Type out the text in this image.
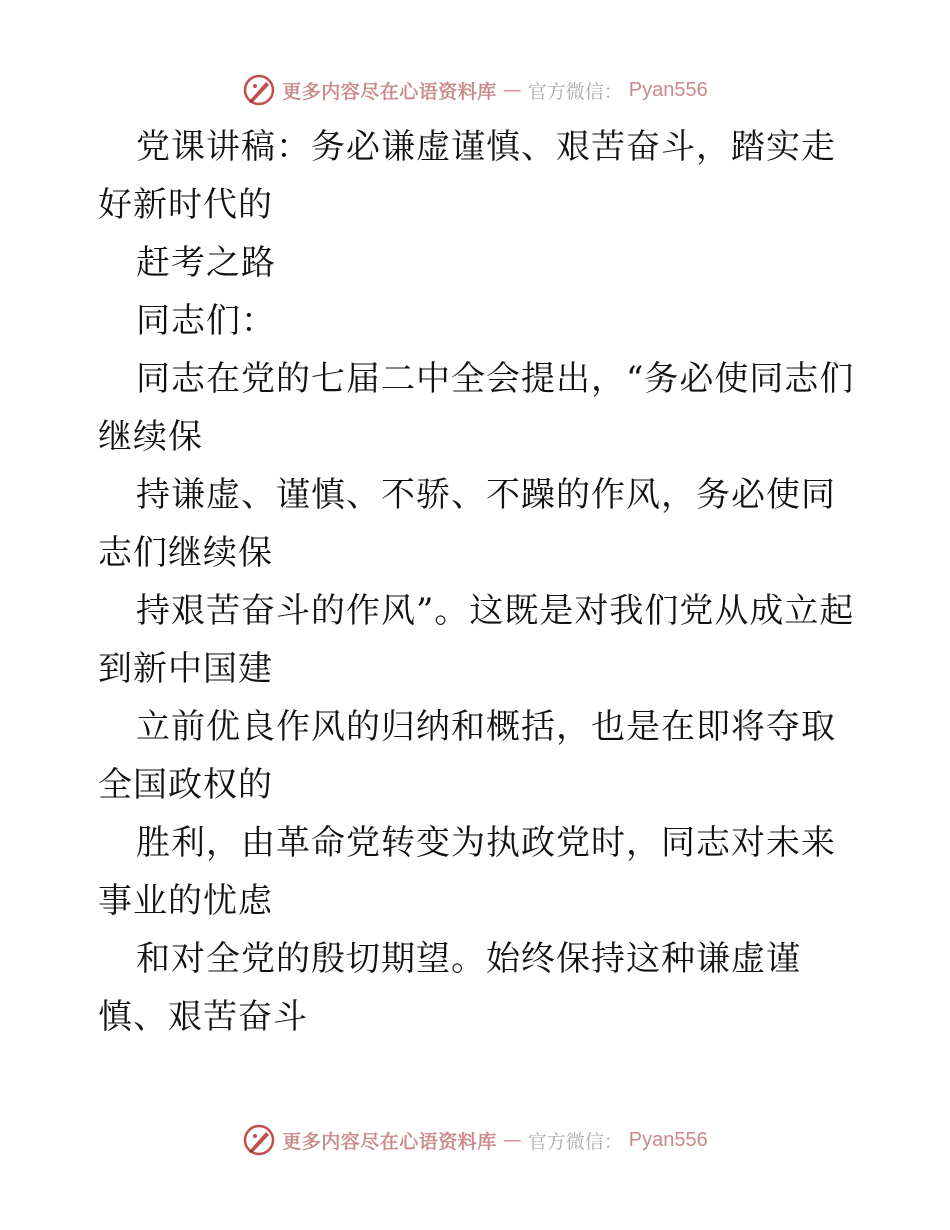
更多内容尽在心语资料库 — 官方微信： Pyan556

党课讲稿：务必谦虚谨慎、艰苦奋斗，踏实走好新时代的

赶考之路

同志们：

同志在党的七届二中全会提出，“务必使同志们继续保

持谦虚、谨慎、不骄、不躁的作风，务必使同志们继续保

持艰苦奋斗的作风”。这既是对我们党从成立起到新中国建

立前优良作风的归纳和概括，也是在即将夺取全国政权的

胜利，由革命党转变为执政党时，同志对未来事业的忧虑

和对全党的殷切期望。始终保持这种谦虚谨慎、艰苦奋斗

更多内容尽在心语资料库 — 官方微信： Pyan556
